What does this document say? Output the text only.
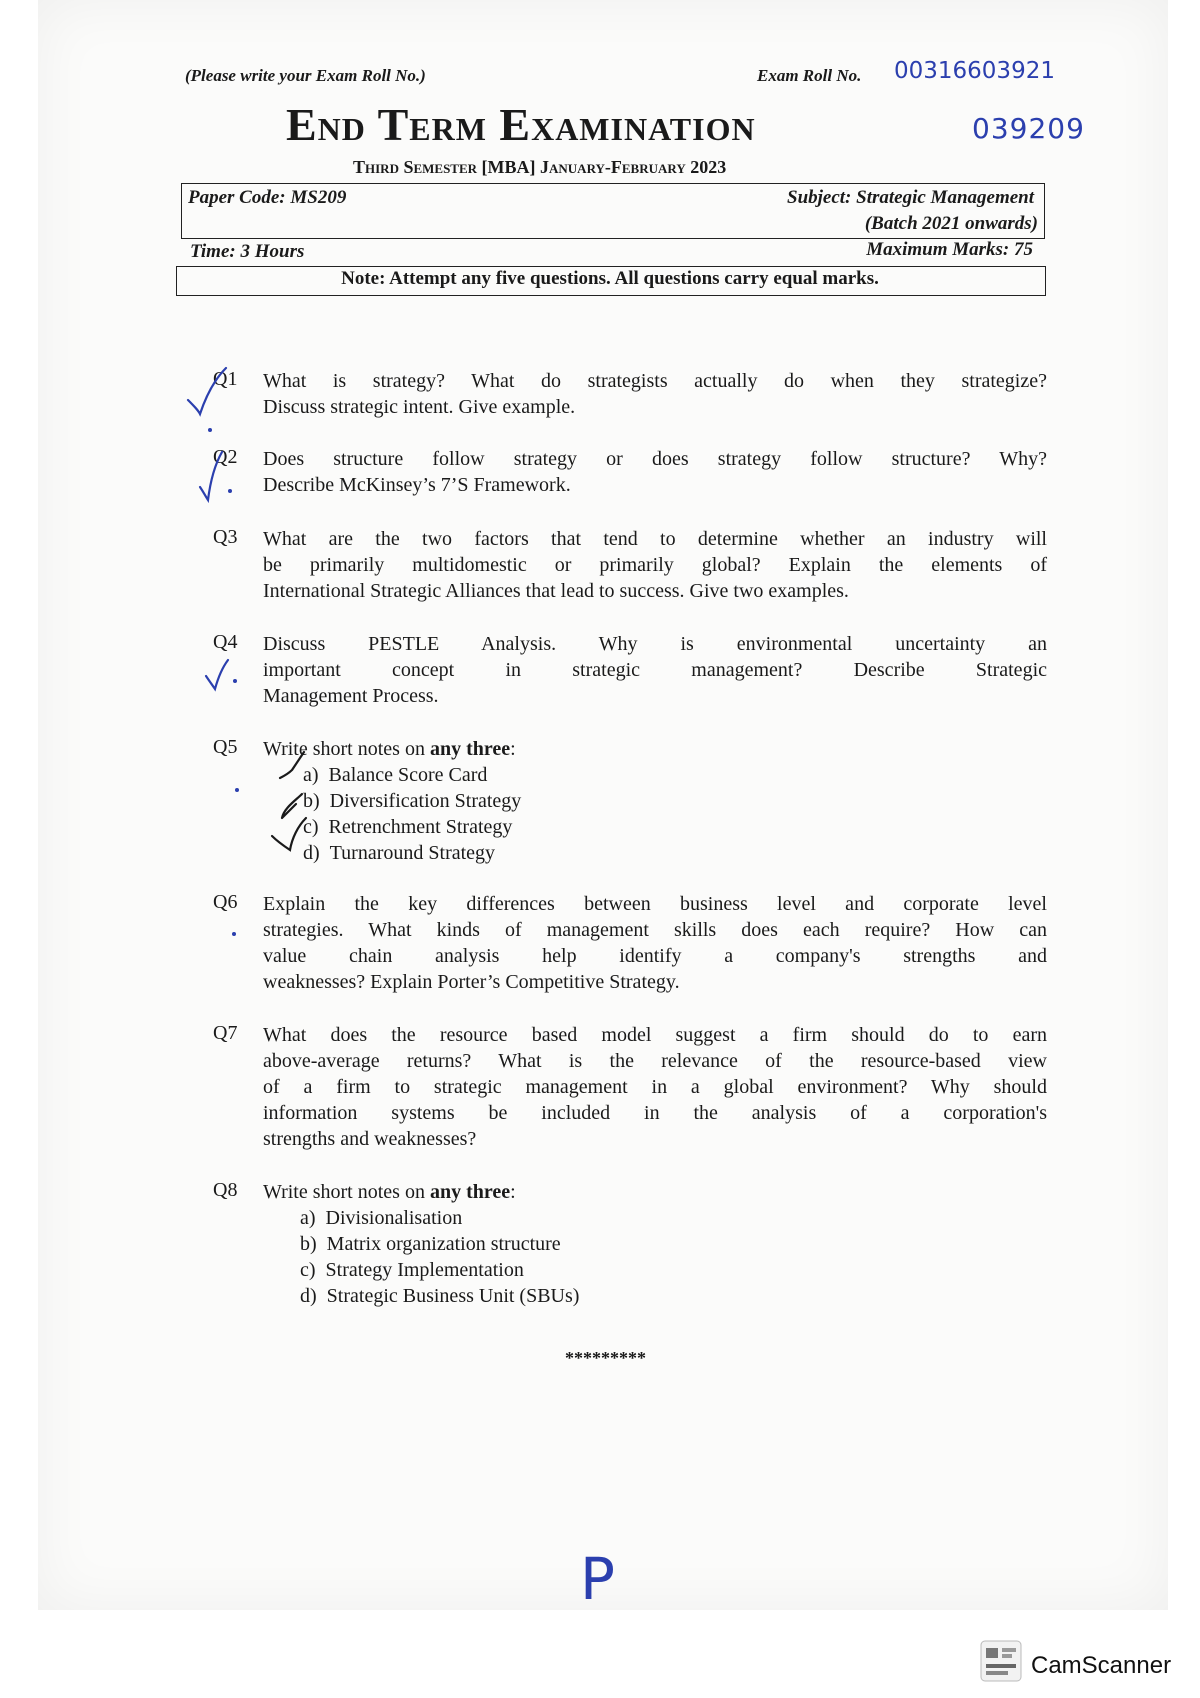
(Please write your Exam Roll No.)	Exam Roll No. 00316603921
039209
End Term Examination
Third Semester [MBA] January-February 2023
Paper Code: MS209	Subject: Strategic Management
(Batch 2021 onwards)
Time: 3 Hours	Maximum Marks: 75
Note: Attempt any five questions. All questions carry equal marks.
Q1 What is strategy? What do strategists actually do when they strategize?
Discuss strategic intent. Give example.
Q2 Does structure follow strategy or does strategy follow structure? Why?
Describe McKinsey’s 7’S Framework.
Q3 What are the two factors that tend to determine whether an industry will
be primarily multidomestic or primarily global? Explain the elements of
International Strategic Alliances that lead to success. Give two examples.
Q4 Discuss PESTLE Analysis. Why is environmental uncertainty an
important concept in strategic management? Describe Strategic
Management Process.
Q5 Write short notes on any three:
a) Balance Score Card
b) Diversification Strategy
c) Retrenchment Strategy
d) Turnaround Strategy
Q6 Explain the key differences between business level and corporate level
strategies. What kinds of management skills does each require? How can
value chain analysis help identify a company's strengths and
weaknesses? Explain Porter’s Competitive Strategy.
Q7 What does the resource based model suggest a firm should do to earn
above-average returns? What is the relevance of the resource-based view
of a firm to strategic management in a global environment? Why should
information systems be included in the analysis of a corporation's
strengths and weaknesses?
Q8 Write short notes on any three:
a) Divisionalisation
b) Matrix organization structure
c) Strategy Implementation
d) Strategic Business Unit (SBUs)
*********
P
CamScanner
